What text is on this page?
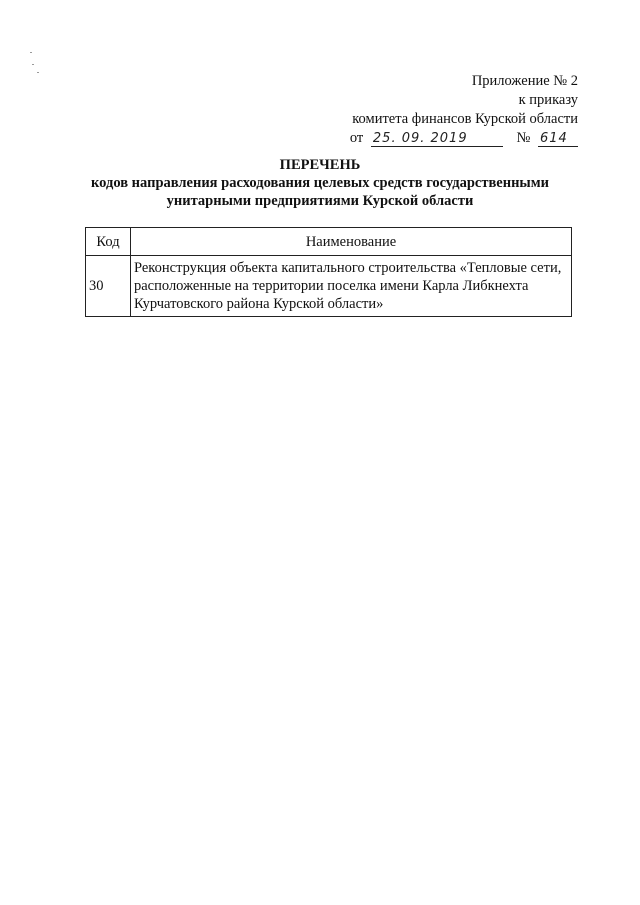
Приложение № 2
к приказу
комитета финансов Курской области
от 25. 09. 2019	№ 614
ПЕРЕЧЕНЬ
кодов направления расходования целевых средств государственными
унитарными предприятиями Курской области
Код	Наименование
30	Реконструкция объекта капитального строительства «Тепловые сети, расположенные на территории поселка имени Карла Либкнехта Курчатовского района Курской области»
